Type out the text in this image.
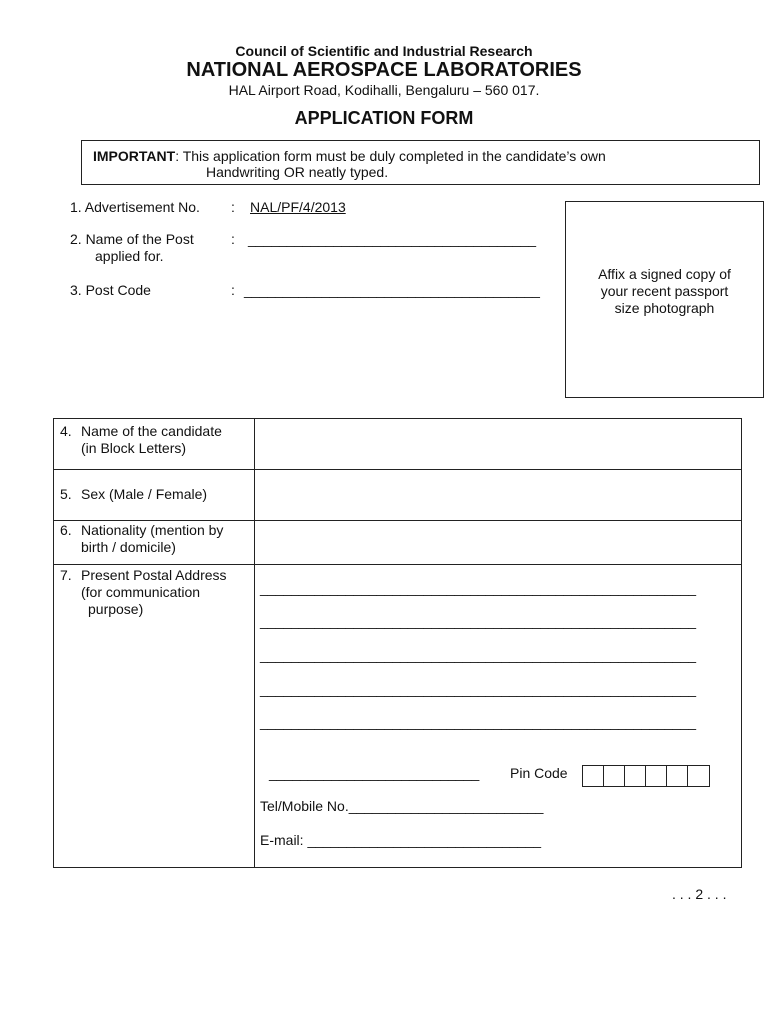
Council of Scientific and Industrial Research
NATIONAL AEROSPACE LABORATORIES
HAL Airport Road, Kodihalli, Bengaluru – 560 017.
APPLICATION FORM
IMPORTANT: This application form must be duly completed in the candidate’s own
Handwriting OR neatly typed.
1. Advertisement No. : NAL/PF/4/2013
2. Name of the Post
applied for.
: _____________________________________
3. Post Code	: ______________________________________
Affix a signed copy of
your recent passport
size photograph
4. Name of the candidate
(in Block Letters)	

5. Sex (Male / Female)	

6. Nationality (mention by
birth / domicile)	

7. Present Postal Address
(for communication
purpose)	

________________________________________________________
________________________________________________________
________________________________________________________
________________________________________________________
________________________________________________________
___________________________ Pin Code
Tel/Mobile No._________________________
E-mail: ______________________________
. . . 2 . . .
